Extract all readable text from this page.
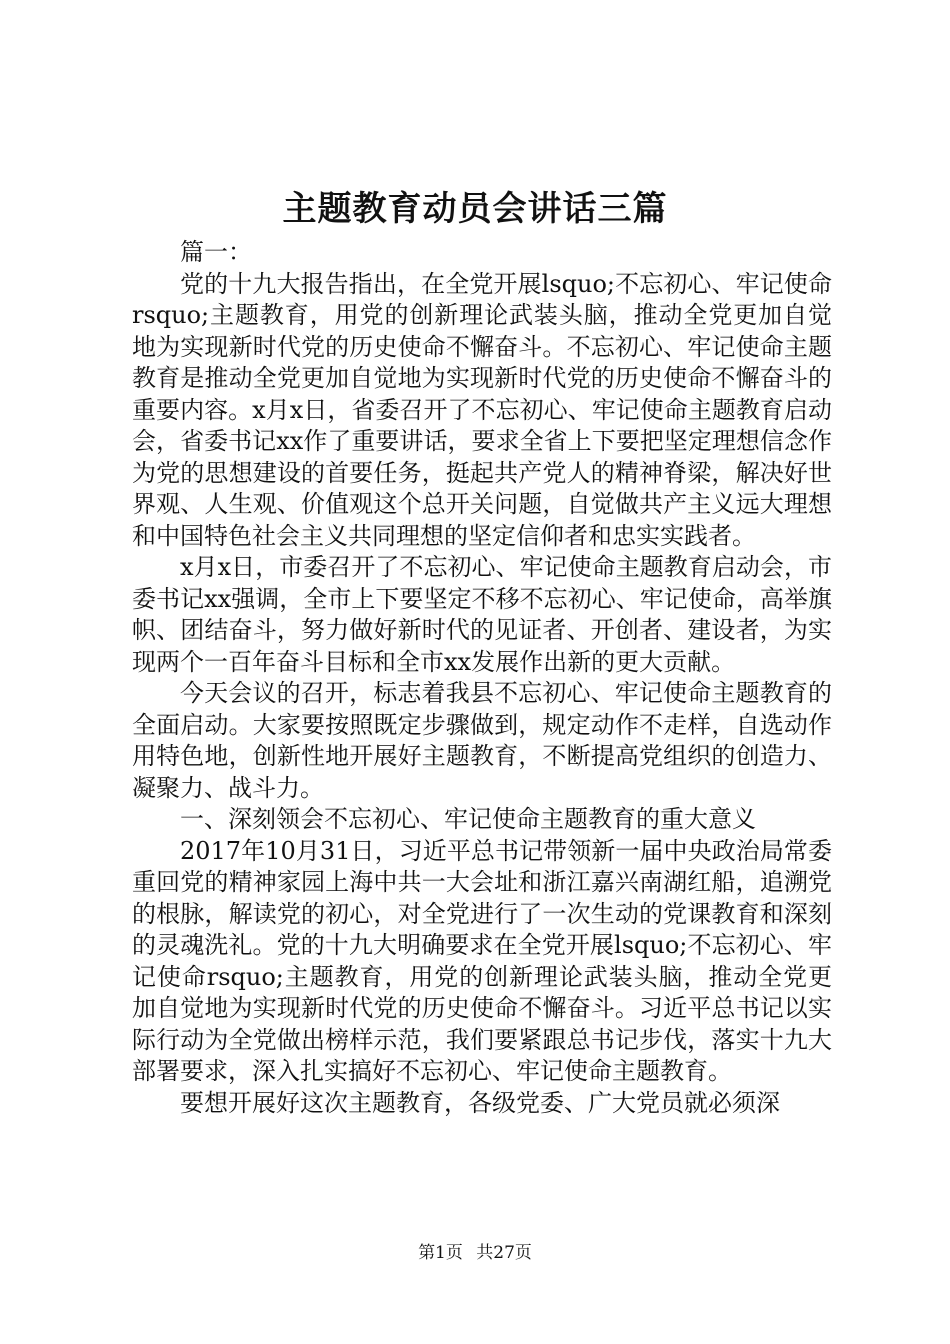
主题教育动员会讲话三篇

篇一：

党的十九大报告指出，在全党开展lsquo;不忘初心、牢记使命rsquo;主题教育，用党的创新理论武装头脑，推动全党更加自觉地为实现新时代党的历史使命不懈奋斗。不忘初心、牢记使命主题教育是推动全党更加自觉地为实现新时代党的历史使命不懈奋斗的重要内容。x月x日，省委召开了不忘初心、牢记使命主题教育启动会，省委书记xx作了重要讲话，要求全省上下要把坚定理想信念作为党的思想建设的首要任务，挺起共产党人的精神脊梁，解决好世界观、人生观、价值观这个总开关问题，自觉做共产主义远大理想和中国特色社会主义共同理想的坚定信仰者和忠实实践者。

x月x日，市委召开了不忘初心、牢记使命主题教育启动会，市委书记xx强调，全市上下要坚定不移不忘初心、牢记使命，高举旗帜、团结奋斗，努力做好新时代的见证者、开创者、建设者，为实现两个一百年奋斗目标和全市xx发展作出新的更大贡献。

今天会议的召开，标志着我县不忘初心、牢记使命主题教育的全面启动。大家要按照既定步骤做到，规定动作不走样，自选动作用特色地，创新性地开展好主题教育，不断提高党组织的创造力、凝聚力、战斗力。

一、深刻领会不忘初心、牢记使命主题教育的重大意义

2017年10月31日，习近平总书记带领新一届中央政治局常委重回党的精神家园上海中共一大会址和浙江嘉兴南湖红船，追溯党的根脉，解读党的初心，对全党进行了一次生动的党课教育和深刻的灵魂洗礼。党的十九大明确要求在全党开展lsquo;不忘初心、牢记使命rsquo;主题教育，用党的创新理论武装头脑，推动全党更加自觉地为实现新时代党的历史使命不懈奋斗。习近平总书记以实际行动为全党做出榜样示范，我们要紧跟总书记步伐，落实十九大部署要求，深入扎实搞好不忘初心、牢记使命主题教育。

要想开展好这次主题教育，各级党委、广大党员就必须深

第1页 共27页
